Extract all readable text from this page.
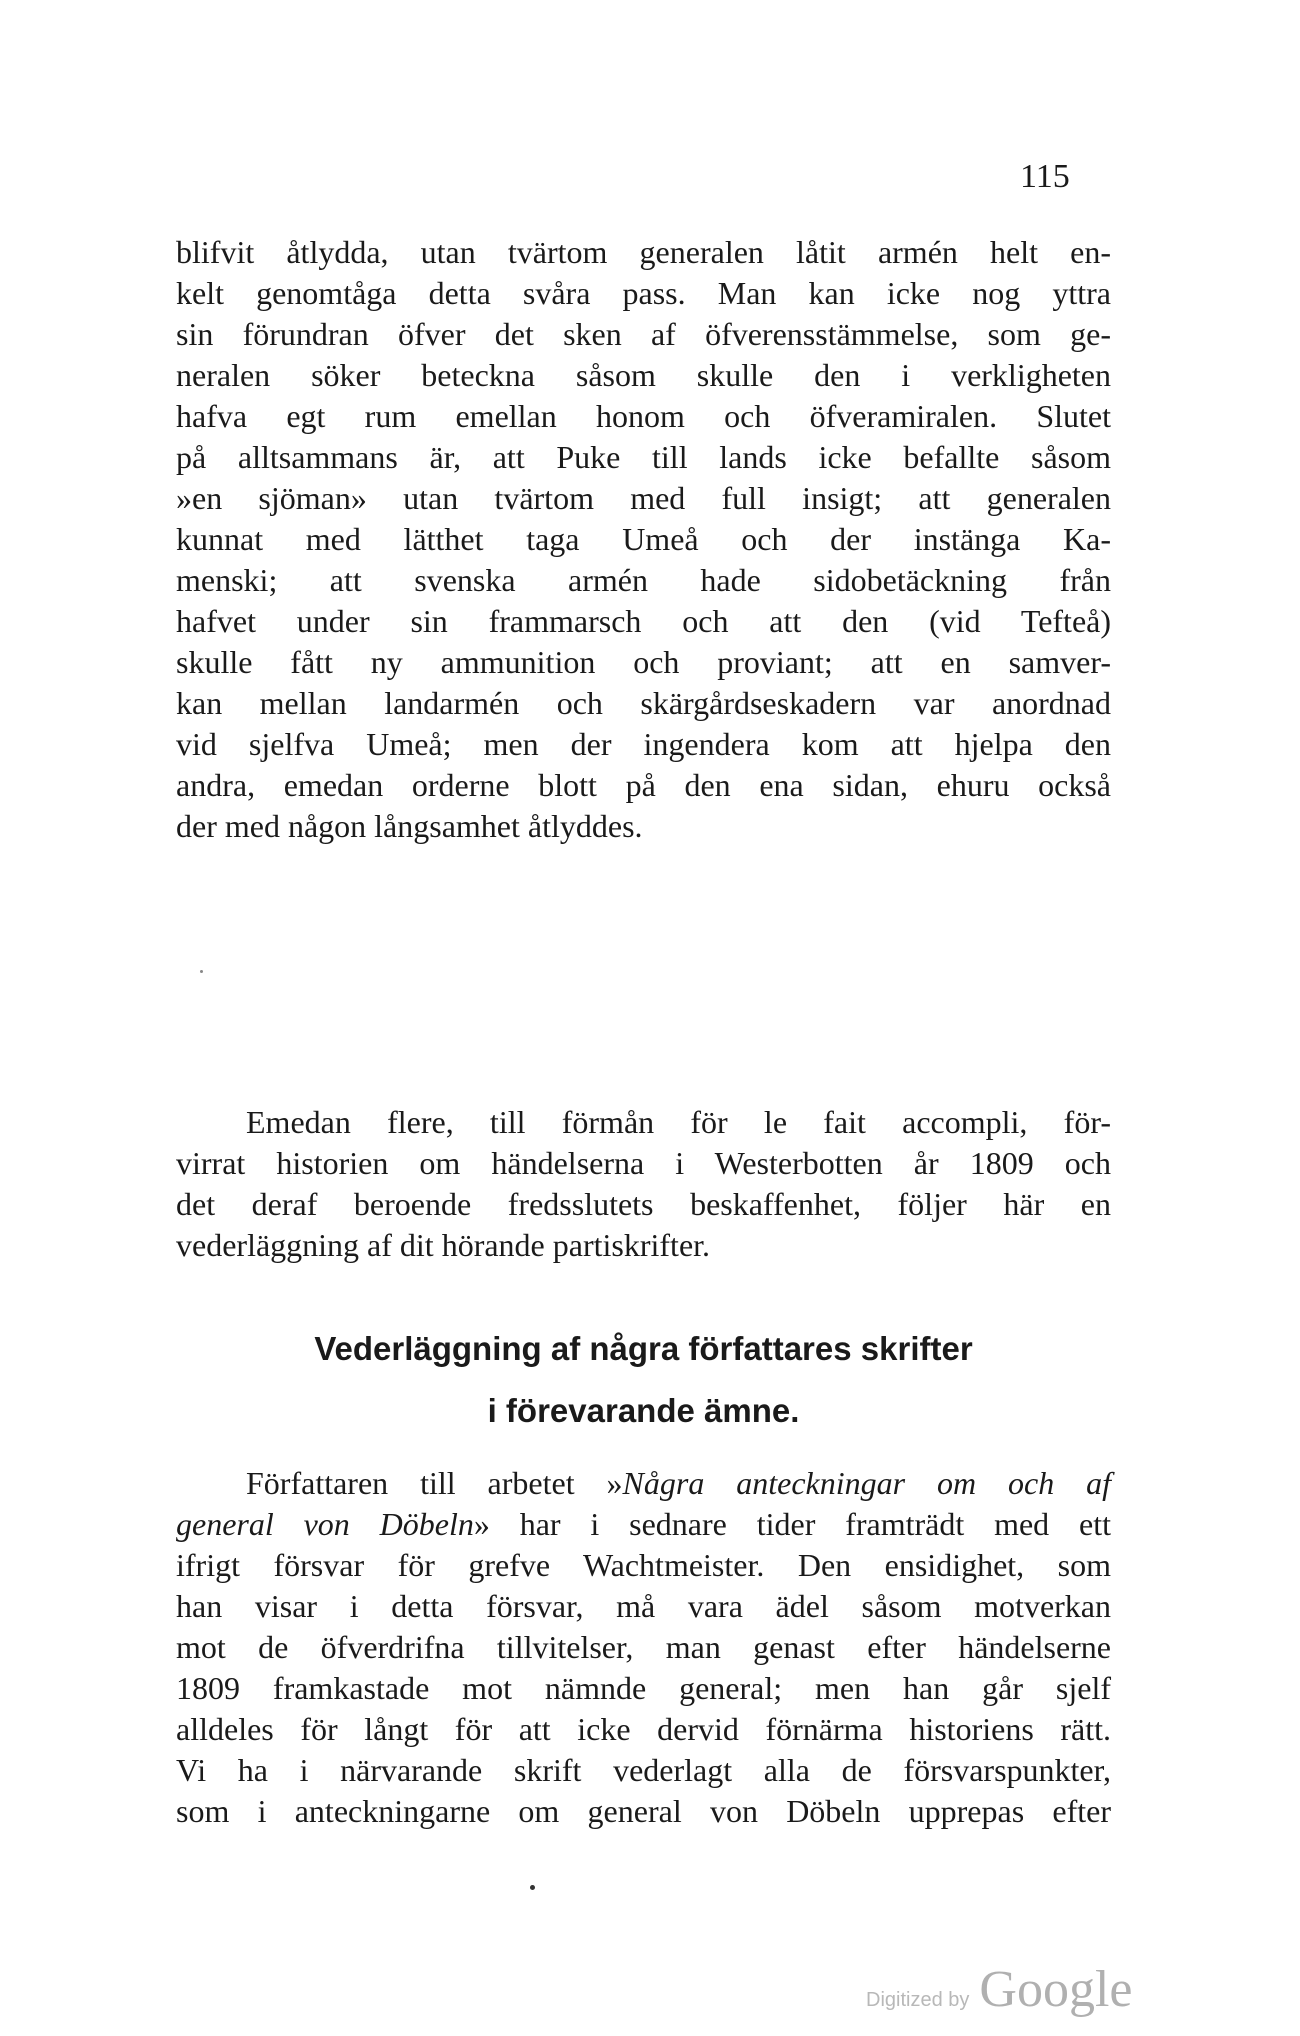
115
blifvit åtlydda, utan tvärtom generalen låtit armén helt en-
kelt genomtåga detta svåra pass. Man kan icke nog yttra
sin förundran öfver det sken af öfverensstämmelse, som ge-
neralen söker beteckna såsom skulle den i verkligheten
hafva egt rum emellan honom och öfveramiralen. Slutet
på alltsammans är, att Puke till lands icke befallte såsom
»en sjöman» utan tvärtom med full insigt; att generalen
kunnat med lätthet taga Umeå och der instänga Ka-
menski; att svenska armén hade sidobetäckning från
hafvet under sin frammarsch och att den (vid Tefteå)
skulle fått ny ammunition och proviant; att en samver-
kan mellan landarmén och skärgårdseskadern var anordnad
vid sjelfva Umeå; men der ingendera kom att hjelpa den
andra, emedan orderne blott på den ena sidan, ehuru också
der med någon långsamhet åtlyddes.
Emedan flere, till förmån för le fait accompli, för-
virrat historien om händelserna i Westerbotten år 1809 och
det deraf beroende fredsslutets beskaffenhet, följer här en
vederläggning af dit hörande partiskrifter.
Vederläggning af några författares skrifter
i förevarande ämne.
Författaren till arbetet »Några anteckningar om och af
general von Döbeln» har i sednare tider framträdt med ett
ifrigt försvar för grefve Wachtmeister. Den ensidighet, som
han visar i detta försvar, må vara ädel såsom motverkan
mot de öfverdrifna tillvitelser, man genast efter händelserne
1809 framkastade mot nämnde general; men han går sjelf
alldeles för långt för att icke dervid förnärma historiens rätt.
Vi ha i närvarande skrift vederlagt alla de försvarspunkter,
som i anteckningarne om general von Döbeln upprepas efter
Digitized by Google
